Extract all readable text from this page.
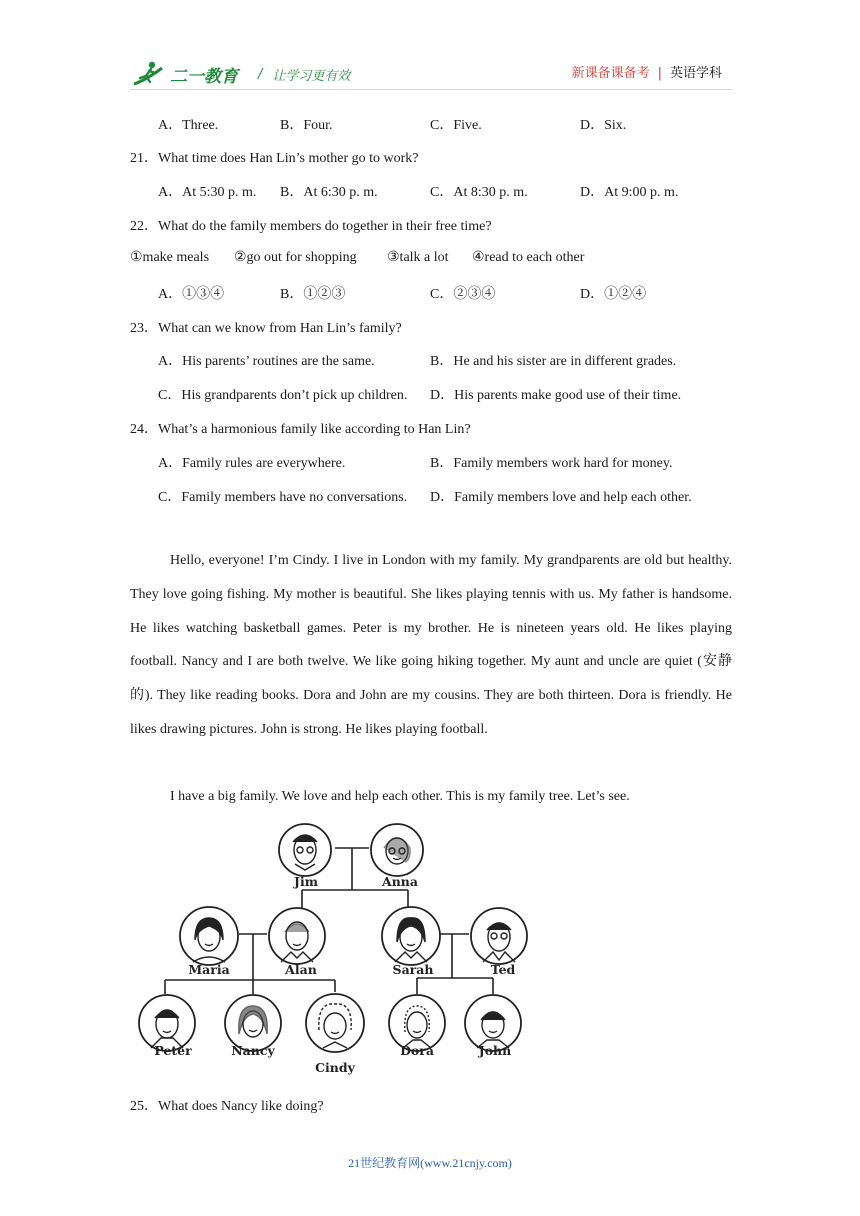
二一教育 / 让学习更有效	新课备课备考 | 英语学科
A．Three.	B．Four.	C．Five.	D．Six.
21．What time does Han Lin’s mother go to work?
A．At 5:30 p. m. B．At 6:30 p. m.	C．At 8:30 p. m.	D．At 9:00 p. m.
22．What do the family members do together in their free time?
①make meals ②go out for shopping ③talk a lot ④read to each other
A．①③④	B．①②③	C．②③④	D．①②④
23．What can we know from Han Lin’s family?
A．His parents’ routines are the same.	B．He and his sister are in different grades.
C．His grandparents don’t pick up children. D．His parents make good use of their time.
24．What’s a harmonious family like according to Han Lin?
A．Family rules are everywhere.	B．Family members work hard for money.
C．Family members have no conversations. D．Family members love and help each other.
Hello, everyone! I’m Cindy. I live in London with my family. My grandparents are old but healthy. They love going fishing. My mother is beautiful. She likes playing tennis with us. My father is handsome. He likes watching basketball games. Peter is my brother. He is nineteen years old. He likes playing football. Nancy and I are both twelve. We like going hiking together. My aunt and uncle are quiet (安静的). They like reading books. Dora and John are my cousins. They are both thirteen. Dora is friendly. He likes drawing pictures. John is strong. He likes playing football.
I have a big family. We love and help each other. This is my family tree. Let’s see.
Jim	Anna
Maria	Alan	Sarah	Ted
Peter	Nancy
Cindy
Dora	John
25．What does Nancy like doing?
21世纪教育网(www.21cnjy.com)
